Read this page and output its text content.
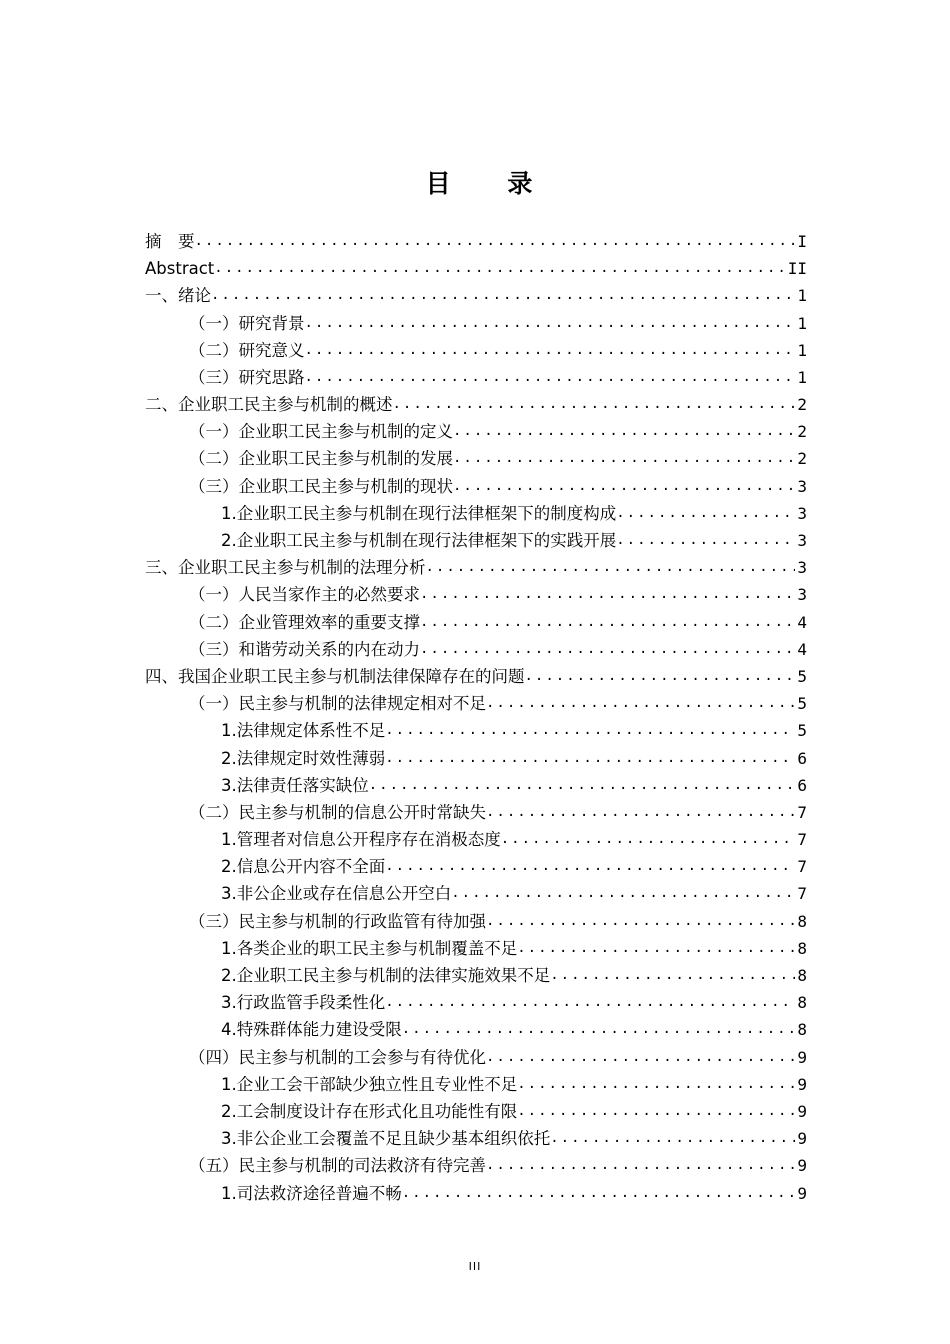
目 录
摘　要 .....	I
Abstract .....	II
一、绪论 .....	1
（一）研究背景 .....	1
（二）研究意义 .....	1
（三）研究思路 .....	1
二、企业职工民主参与机制的概述 .....	2
（一）企业职工民主参与机制的定义 .....	2
（二）企业职工民主参与机制的发展 .....	2
（三）企业职工民主参与机制的现状 .....	3
1.企业职工民主参与机制在现行法律框架下的制度构成 .....	3
2.企业职工民主参与机制在现行法律框架下的实践开展 .....	3
三、企业职工民主参与机制的法理分析 .....	3
（一）人民当家作主的必然要求 .....	3
（二）企业管理效率的重要支撑 .....	4
（三）和谐劳动关系的内在动力 .....	4
四、我国企业职工民主参与机制法律保障存在的问题 .....	5
（一）民主参与机制的法律规定相对不足 .....	5
1.法律规定体系性不足 .....	5
2.法律规定时效性薄弱 .....	6
3.法律责任落实缺位 .....	6
（二）民主参与机制的信息公开时常缺失 .....	7
1.管理者对信息公开程序存在消极态度 .....	7
2.信息公开内容不全面 .....	7
3.非公企业或存在信息公开空白 .....	7
（三）民主参与机制的行政监管有待加强 .....	8
1.各类企业的职工民主参与机制覆盖不足 .....	8
2.企业职工民主参与机制的法律实施效果不足 .....	8
3.行政监管手段柔性化 .....	8
4.特殊群体能力建设受限 .....	8
（四）民主参与机制的工会参与有待优化 .....	9
1.企业工会干部缺少独立性且专业性不足 .....	9
2.工会制度设计存在形式化且功能性有限 .....	9
3.非公企业工会覆盖不足且缺少基本组织依托 .....	9
（五）民主参与机制的司法救济有待完善 .....	9
1.司法救济途径普遍不畅 .....	9
III
